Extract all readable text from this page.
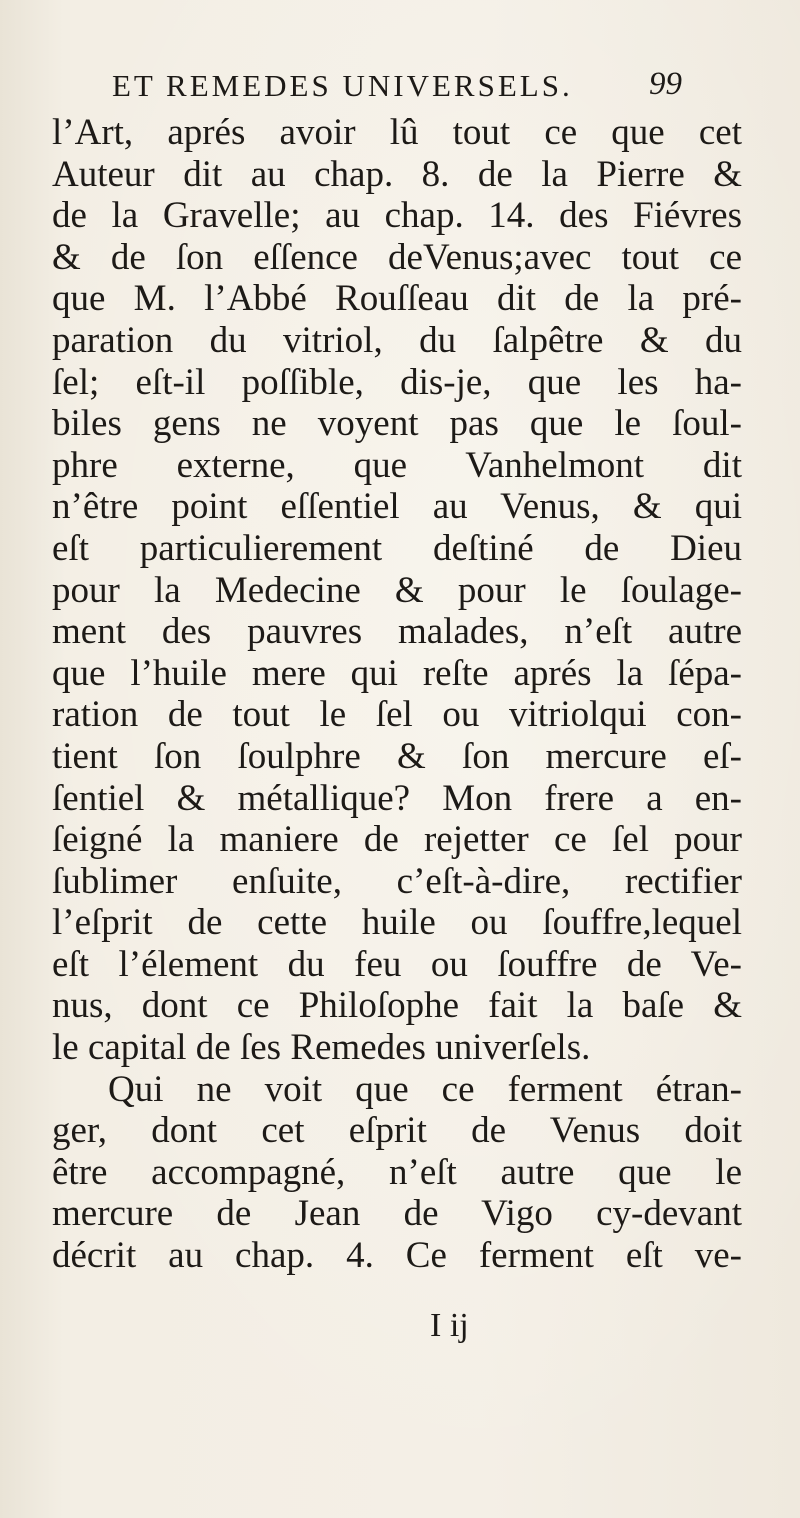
ET REMEDES UNIVERSELS. 99
l’Art, aprés avoir lû tout ce que cet
Auteur dit au chap. 8. de la Pierre &
de la Gravelle; au chap. 14. des Fiévres
& de ſon eſſence deVenus;avec tout ce
que M. l’Abbé Rouſſeau dit de la pré-
paration du vitriol, du ſalpêtre & du
ſel; eſt-il poſſible, dis-je, que les ha-
biles gens ne voyent pas que le ſoul-
phre externe, que Vanhelmont dit
n’être point eſſentiel au Venus, & qui
eſt particulierement deſtiné de Dieu
pour la Medecine & pour le ſoulage-
ment des pauvres malades, n’eſt autre
que l’huile mere qui reſte aprés la ſépa-
ration de tout le ſel ou vitriolqui con-
tient ſon ſoulphre & ſon mercure eſ-
ſentiel & métallique? Mon frere a en-
ſeigné la maniere de rejetter ce ſel pour
ſublimer enſuite, c’eſt-à-dire, rectifier
l’eſprit de cette huile ou ſouffre,lequel
eſt l’élement du feu ou ſouffre de Ve-
nus, dont ce Philoſophe fait la baſe &
le capital de ſes Remedes univerſels.
Qui ne voit que ce ferment étran-
ger, dont cet eſprit de Venus doit
être accompagné, n’eſt autre que le
mercure de Jean de Vigo cy-devant
décrit au chap. 4. Ce ferment eſt ve-
I ij
